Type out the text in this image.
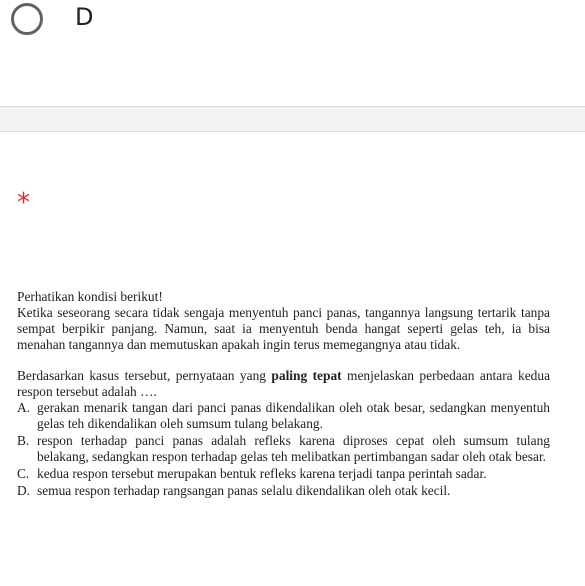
D
*

Perhatikan kondisi berikut!

Ketika seseorang secara tidak sengaja menyentuh panci panas, tangannya langsung tertarik tanpa sempat berpikir panjang. Namun, saat ia menyentuh benda hangat seperti gelas teh, ia bisa menahan tangannya dan memutuskan apakah ingin terus memegangnya atau tidak.

Berdasarkan kasus tersebut, pernyataan yang paling tepat menjelaskan perbedaan antara kedua respon tersebut adalah ….

A. gerakan menarik tangan dari panci panas dikendalikan oleh otak besar, sedangkan menyentuh gelas teh dikendalikan oleh sumsum tulang belakang.
B. respon terhadap panci panas adalah refleks karena diproses cepat oleh sumsum tulang belakang, sedangkan respon terhadap gelas teh melibatkan pertimbangan sadar oleh otak besar.
C. kedua respon tersebut merupakan bentuk refleks karena terjadi tanpa perintah sadar.
D. semua respon terhadap rangsangan panas selalu dikendalikan oleh otak kecil.
